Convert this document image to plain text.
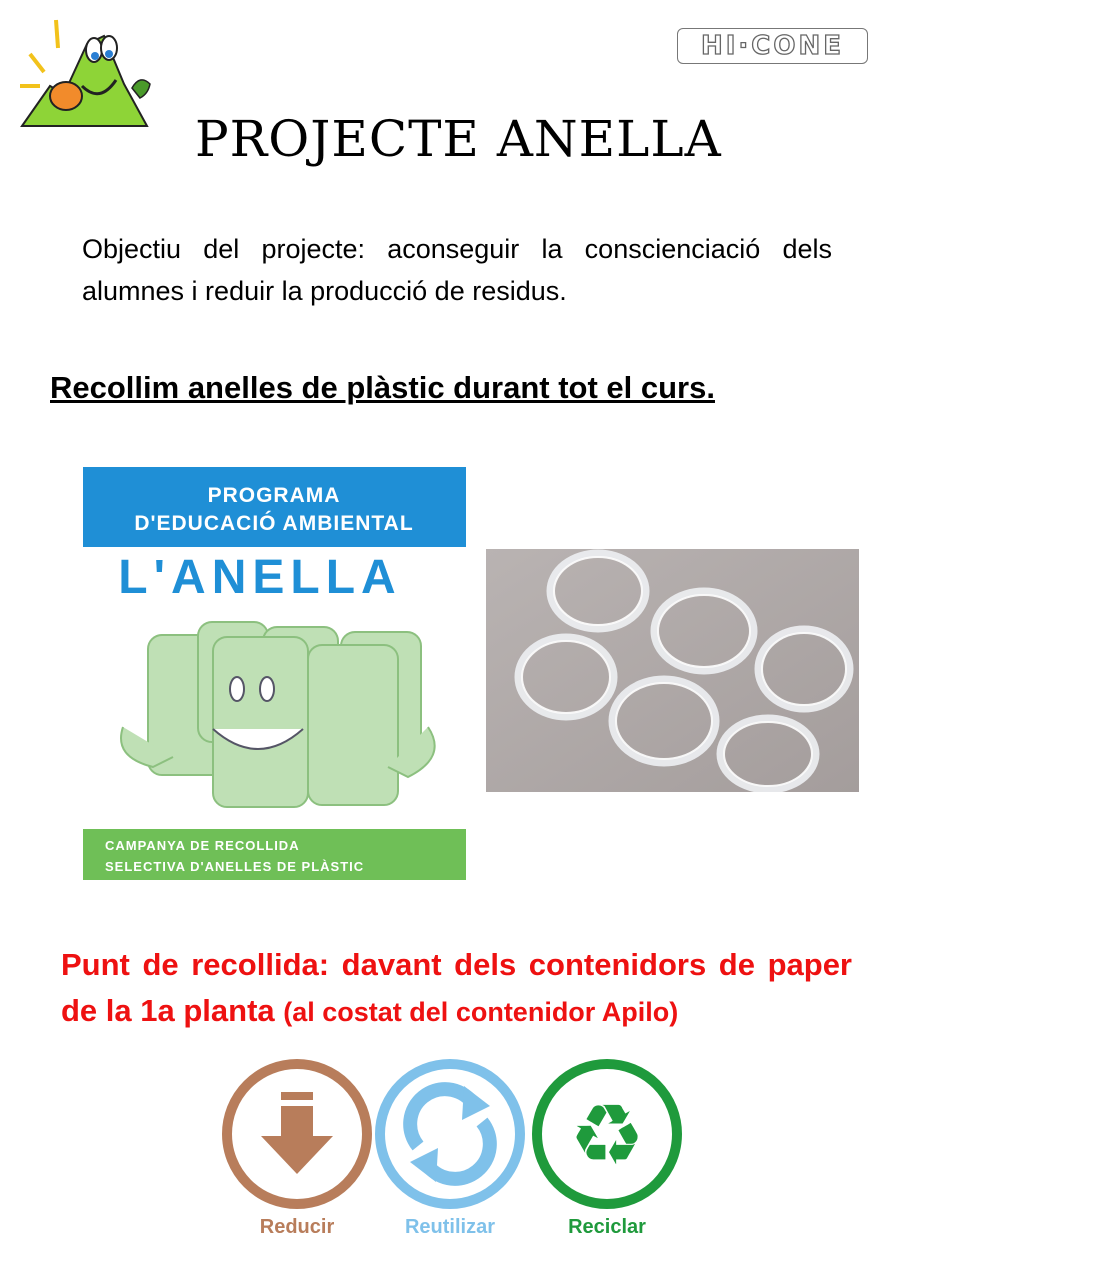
HI·CONE
PROJECTE ANELLA
Objectiu del projecte: aconseguir la conscienciació dels alumnes i reduir la producció de residus.
Recollim anelles de plàstic durant tot el curs.
PROGRAMA
D'EDUCACIÓ AMBIENTAL
L'ANELLA
CAMPANYA DE RECOLLIDA
SELECTIVA D'ANELLES DE PLÀSTIC
Punt de recollida: davant dels contenidors de paper de la 1a planta (al costat del contenidor Apilo)
Reducir	Reutilizar
♻
Reciclar
